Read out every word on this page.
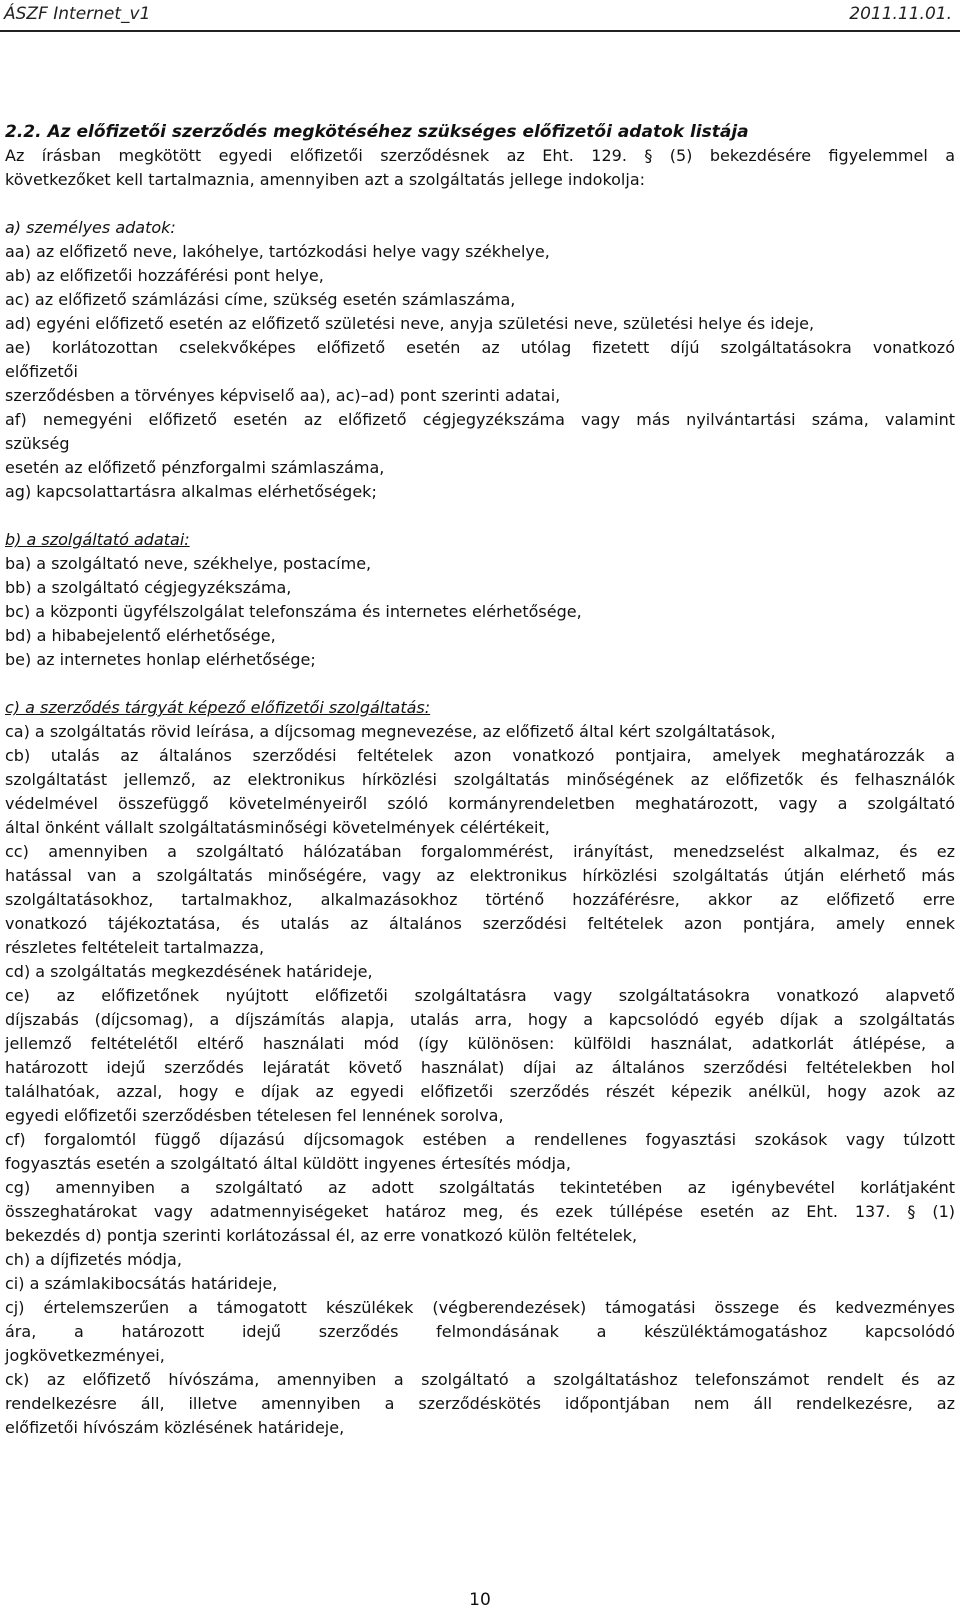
ÁSZF Internet_v1	2011.11.01.

2.2. Az előfizetői szerződés megkötéséhez szükséges előfizetői adatok listája

Az írásban megkötött egyedi előfizetői szerződésnek az Eht. 129. § (5) bekezdésére figyelemmel a

következőket kell tartalmaznia, amennyiben azt a szolgáltatás jellege indokolja:

a) személyes adatok:

aa) az előfizető neve, lakóhelye, tartózkodási helye vagy székhelye,

ab) az előfizetői hozzáférési pont helye,

ac) az előfizető számlázási címe, szükség esetén számlaszáma,

ad) egyéni előfizető esetén az előfizető születési neve, anyja születési neve, születési helye és ideje,

ae) korlátozottan cselekvőképes előfizető esetén az utólag fizetett díjú szolgáltatásokra vonatkozó

előfizetői

szerződésben a törvényes képviselő aa), ac)–ad) pont szerinti adatai,

af) nemegyéni előfizető esetén az előfizető cégjegyzékszáma vagy más nyilvántartási száma, valamint

szükség

esetén az előfizető pénzforgalmi számlaszáma,

ag) kapcsolattartásra alkalmas elérhetőségek;

b) a szolgáltató adatai:

ba) a szolgáltató neve, székhelye, postacíme,

bb) a szolgáltató cégjegyzékszáma,

bc) a központi ügyfélszolgálat telefonszáma és internetes elérhetősége,

bd) a hibabejelentő elérhetősége,

be) az internetes honlap elérhetősége;

c) a szerződés tárgyát képező előfizetői szolgáltatás:

ca) a szolgáltatás rövid leírása, a díjcsomag megnevezése, az előfizető által kért szolgáltatások,

cb) utalás az általános szerződési feltételek azon vonatkozó pontjaira, amelyek meghatározzák a

szolgáltatást jellemző, az elektronikus hírközlési szolgáltatás minőségének az előfizetők és felhasználók

védelmével összefüggő követelményeiről szóló kormányrendeletben meghatározott, vagy a szolgáltató

által önként vállalt szolgáltatásminőségi követelmények célértékeit,

cc) amennyiben a szolgáltató hálózatában forgalommérést, irányítást, menedzselést alkalmaz, és ez

hatással van a szolgáltatás minőségére, vagy az elektronikus hírközlési szolgáltatás útján elérhető más

szolgáltatásokhoz, tartalmakhoz, alkalmazásokhoz történő hozzáférésre, akkor az előfizető erre

vonatkozó tájékoztatása, és utalás az általános szerződési feltételek azon pontjára, amely ennek

részletes feltételeit tartalmazza,

cd) a szolgáltatás megkezdésének határideje,

ce) az előfizetőnek nyújtott előfizetői szolgáltatásra vagy szolgáltatásokra vonatkozó alapvető

díjszabás (díjcsomag), a díjszámítás alapja, utalás arra, hogy a kapcsolódó egyéb díjak a szolgáltatás

jellemző feltételétől eltérő használati mód (így különösen: külföldi használat, adatkorlát átlépése, a

határozott idejű szerződés lejáratát követő használat) díjai az általános szerződési feltételekben hol

találhatóak, azzal, hogy e díjak az egyedi előfizetői szerződés részét képezik anélkül, hogy azok az

egyedi előfizetői szerződésben tételesen fel lennének sorolva,

cf) forgalomtól függő díjazású díjcsomagok estében a rendellenes fogyasztási szokások vagy túlzott

fogyasztás esetén a szolgáltató által küldött ingyenes értesítés módja,

cg) amennyiben a szolgáltató az adott szolgáltatás tekintetében az igénybevétel korlátjaként

összeghatárokat vagy adatmennyiségeket határoz meg, és ezek túllépése esetén az Eht. 137. § (1)

bekezdés d) pontja szerinti korlátozással él, az erre vonatkozó külön feltételek,

ch) a díjfizetés módja,

ci) a számlakibocsátás határideje,

cj) értelemszerűen a támogatott készülékek (végberendezések) támogatási összege és kedvezményes

ára, a határozott idejű szerződés felmondásának a készüléktámogatáshoz kapcsolódó

jogkövetkezményei,

ck) az előfizető hívószáma, amennyiben a szolgáltató a szolgáltatáshoz telefonszámot rendelt és az

rendelkezésre áll, illetve amennyiben a szerződéskötés időpontjában nem áll rendelkezésre, az

előfizetői hívószám közlésének határideje,

10
